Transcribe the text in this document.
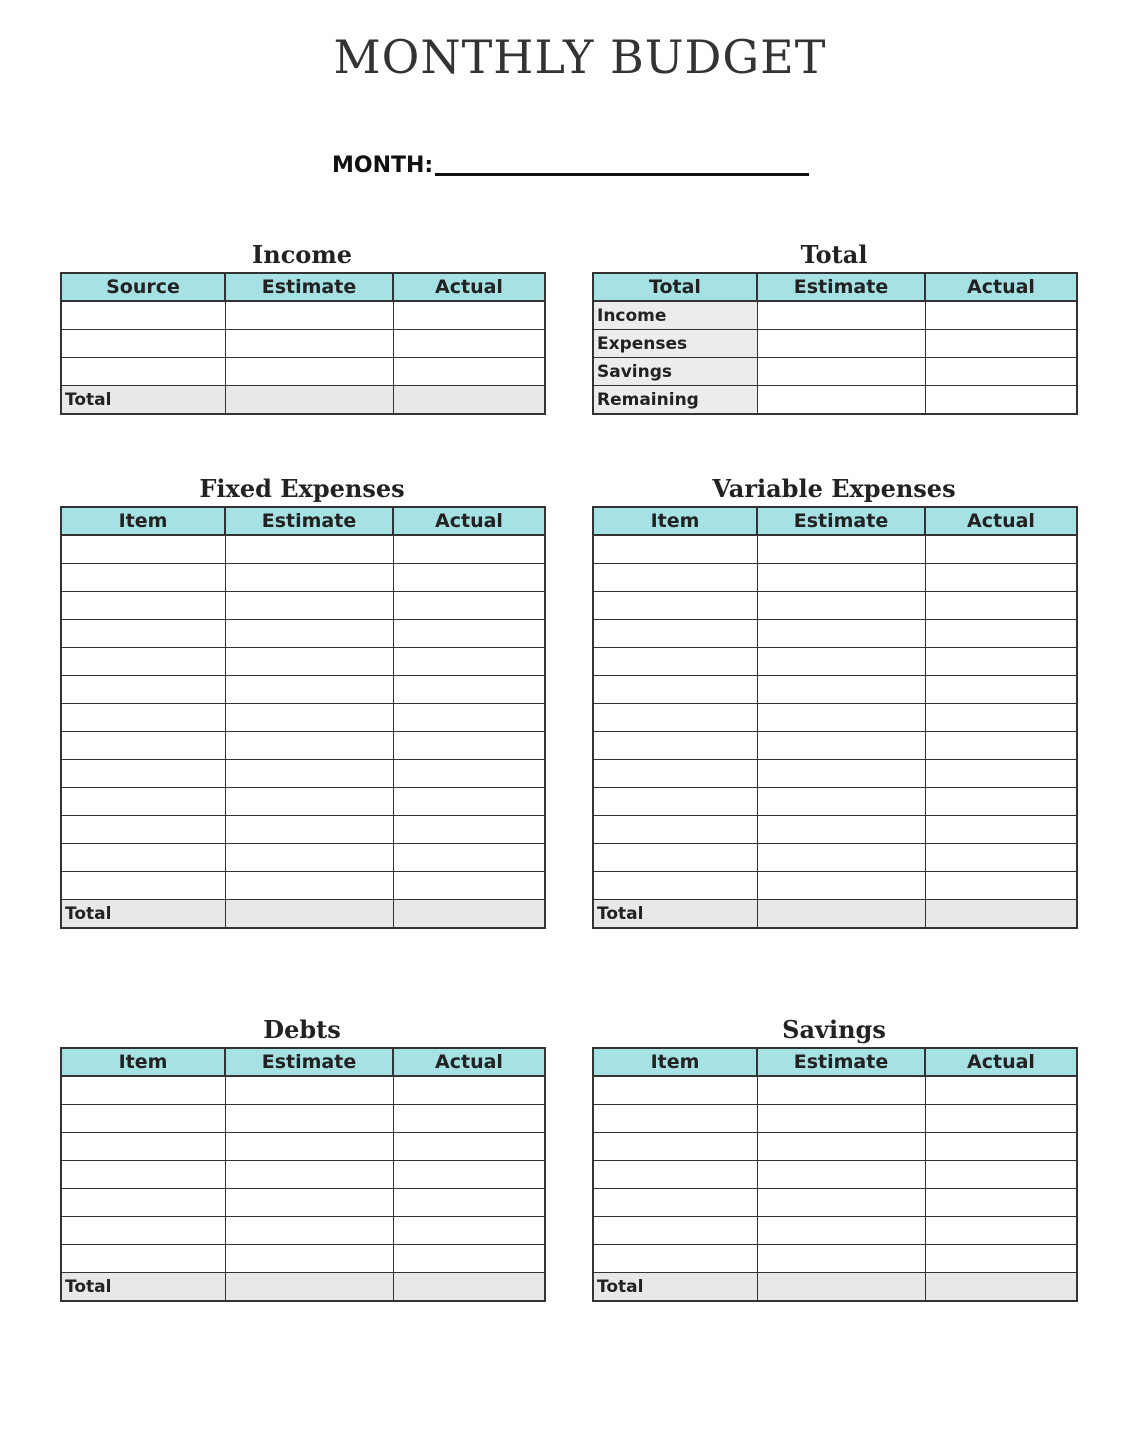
MONTHLY BUDGET
MONTH:
Income
Source	Estimate	Actual

Total		
Total
Total	Estimate	Actual
Income		
Expenses		
Savings		
Remaining		
Fixed Expenses
Item	Estimate	Actual

Total		
Variable Expenses
Item	Estimate	Actual

Total		
Debts
Item	Estimate	Actual

Total		
Savings
Item	Estimate	Actual

Total		
